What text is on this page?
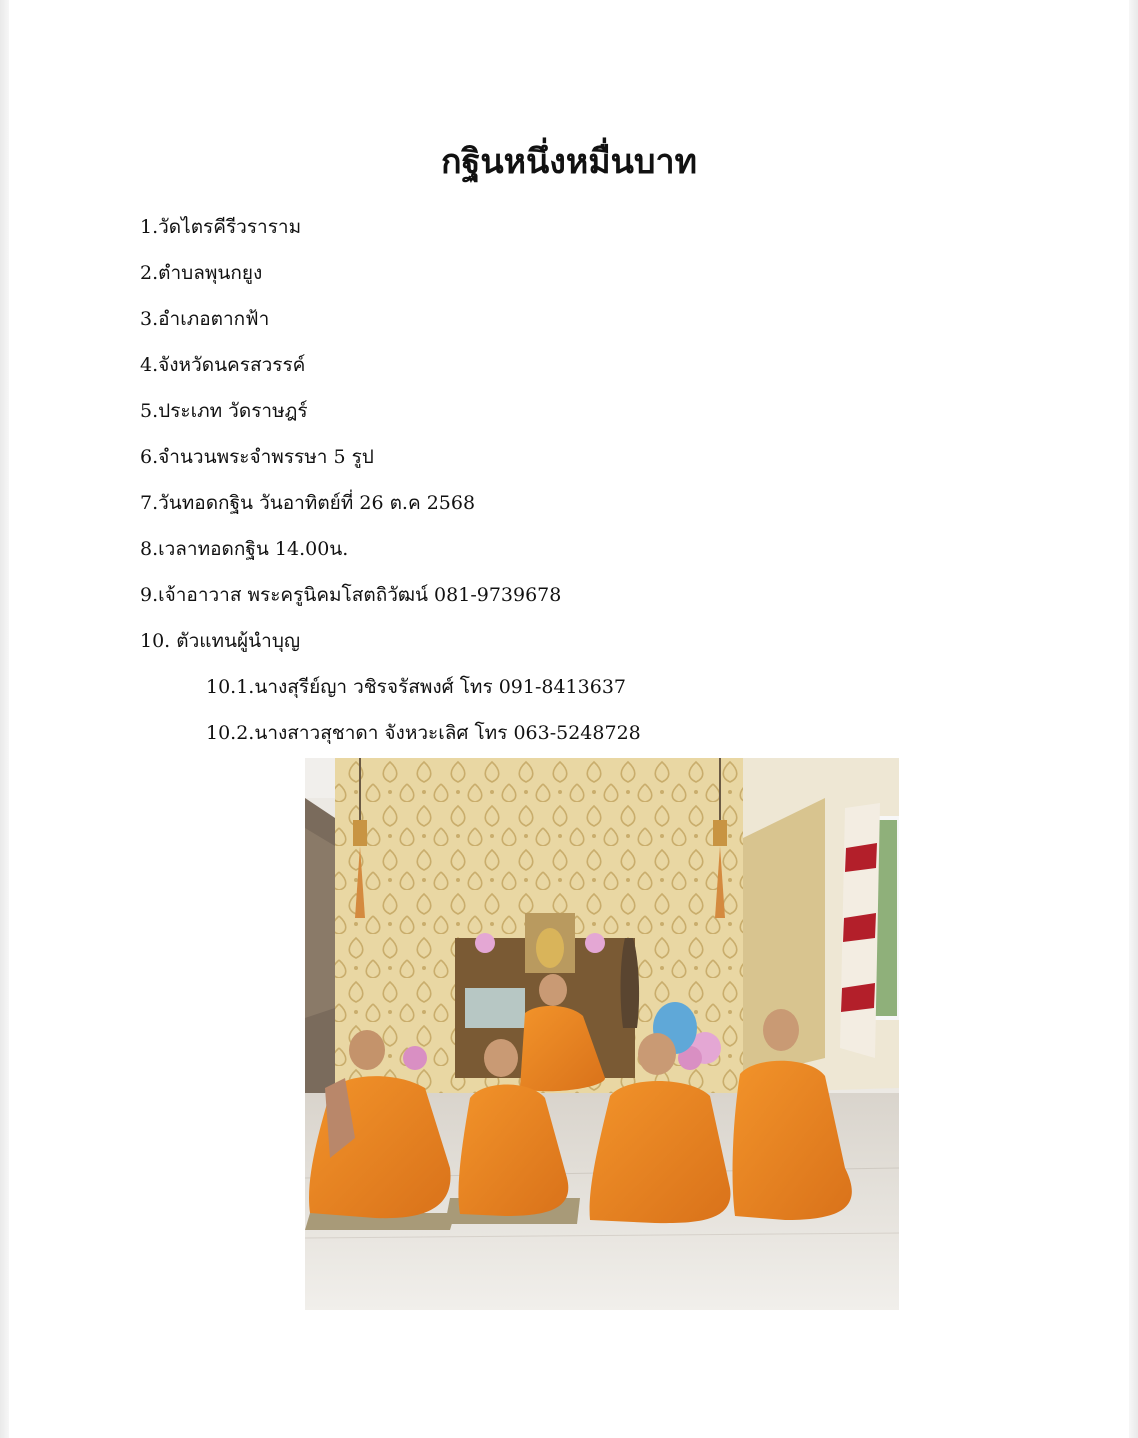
กฐินหนึ่งหมื่นบาท
1.วัดไตรคีรีวราราม
2.ตำบลพุนกยูง
3.อำเภอตากฟ้า
4.จังหวัดนครสวรรค์
5.ประเภท วัดราษฎร์
6.จำนวนพระจำพรรษา 5 รูป
7.วันทอดกฐิน วันอาทิตย์ที่ 26 ต.ค 2568
8.เวลาทอดกฐิน 14.00น.
9.เจ้าอาวาส พระครูนิคมโสตถิวัฒน์ 081-9739678
10. ตัวแทนผู้นำบุญ
10.1.นางสุรีย์ญา วชิรจรัสพงศ์ โทร 091-8413637
10.2.นางสาวสุชาดา จังหวะเลิศ โทร 063-5248728
